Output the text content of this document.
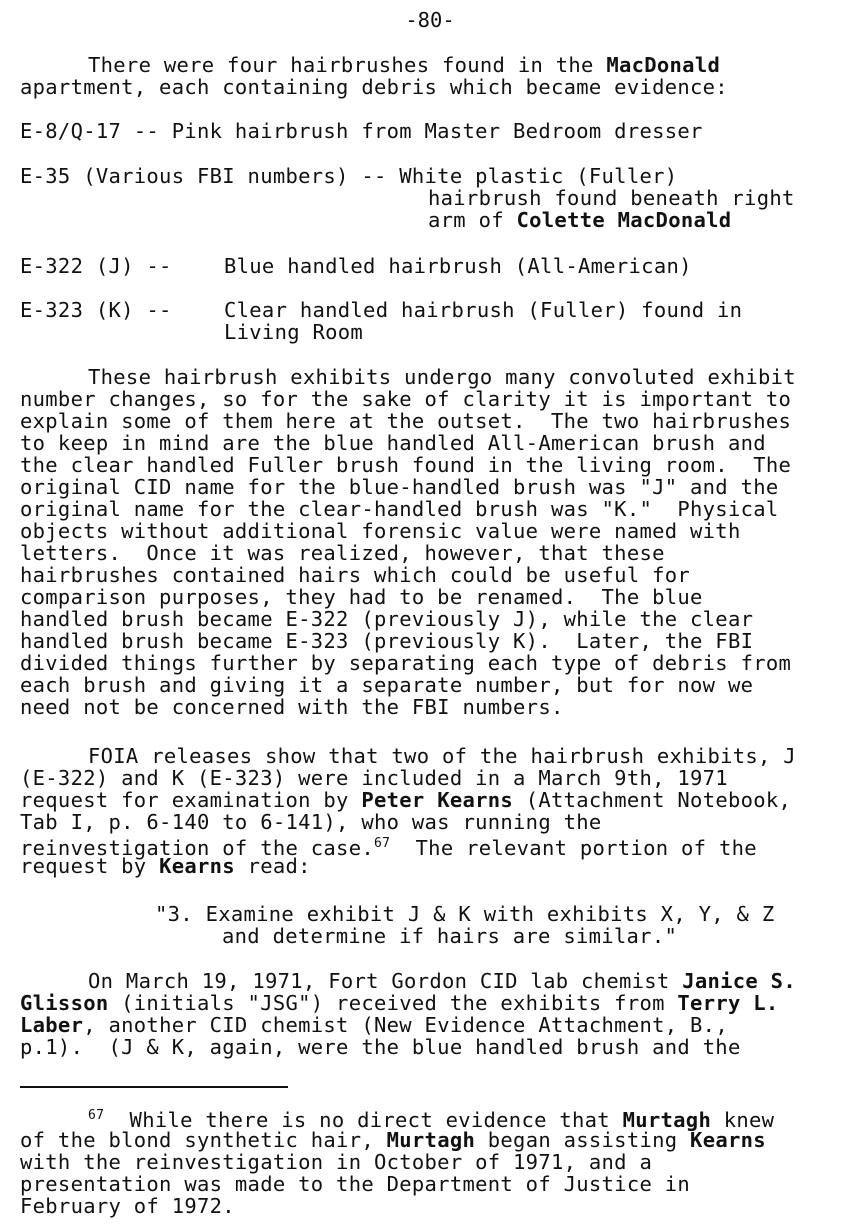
-80-
There were four hairbrushes found in the MacDonald
apartment, each containing debris which became evidence:
E-8/Q-17 -- Pink hairbrush from Master Bedroom dresser
E-35 (Various FBI numbers) -- White plastic (Fuller)
hairbrush found beneath right
arm of Colette MacDonald
E-322 (J) --	Blue handled hairbrush (All-American)
E-323 (K) --	Clear handled hairbrush (Fuller) found in
Living Room
These hairbrush exhibits undergo many convoluted exhibit
number changes, so for the sake of clarity it is important to
explain some of them here at the outset.  The two hairbrushes
to keep in mind are the blue handled All-American brush and
the clear handled Fuller brush found in the living room.  The
original CID name for the blue-handled brush was "J" and the
original name for the clear-handled brush was "K."  Physical
objects without additional forensic value were named with
letters.  Once it was realized, however, that these
hairbrushes contained hairs which could be useful for
comparison purposes, they had to be renamed.  The blue
handled brush became E-322 (previously J), while the clear
handled brush became E-323 (previously K).  Later, the FBI
divided things further by separating each type of debris from
each brush and giving it a separate number, but for now we
need not be concerned with the FBI numbers.
FOIA releases show that two of the hairbrush exhibits, J
(E-322) and K (E-323) were included in a March 9th, 1971
request for examination by Peter Kearns (Attachment Notebook,
Tab I, p. 6-140 to 6-141), who was running the
reinvestigation of the case.$^{67}$  The relevant portion of the
request by Kearns read:
"3. Examine exhibit J & K with exhibits X, Y, & Z
and determine if hairs are similar."
On March 19, 1971, Fort Gordon CID lab chemist Janice S.
Glisson (initials "JSG") received the exhibits from Terry L.
Laber, another CID chemist (New Evidence Attachment, B.,
p.1).  (J & K, again, were the blue handled brush and the
$^{67}$  While there is no direct evidence that Murtagh knew
of the blond synthetic hair, Murtagh began assisting Kearns
with the reinvestigation in October of 1971, and a
presentation was made to the Department of Justice in
February of 1972.
